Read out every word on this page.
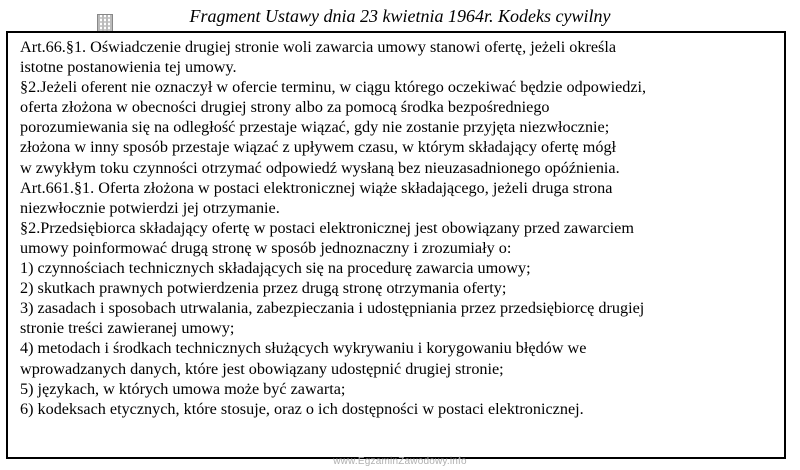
Fragment Ustawy dnia 23 kwietnia 1964r. Kodeks cywilny
Art.66.§1. Oświadczenie drugiej stronie woli zawarcia umowy stanowi ofertę, jeżeli określa
istotne postanowienia tej umowy.
§2.Jeżeli oferent nie oznaczył w ofercie terminu, w ciągu którego oczekiwać będzie odpowiedzi,
oferta złożona w obecności drugiej strony albo za pomocą środka bezpośredniego
porozumiewania się na odległość przestaje wiązać, gdy nie zostanie przyjęta niezwłocznie;
złożona w inny sposób przestaje wiązać z upływem czasu, w którym składający ofertę mógł
w zwykłym toku czynności otrzymać odpowiedź wysłaną bez nieuzasadnionego opóźnienia.
Art.661.§1. Oferta złożona w postaci elektronicznej wiąże składającego, jeżeli druga strona
niezwłocznie potwierdzi jej otrzymanie.
§2.Przedsiębiorca składający ofertę w postaci elektronicznej jest obowiązany przed zawarciem
umowy poinformować drugą stronę w sposób jednoznaczny i zrozumiały o:
1) czynnościach technicznych składających się na procedurę zawarcia umowy;
2) skutkach prawnych potwierdzenia przez drugą stronę otrzymania oferty;
3) zasadach i sposobach utrwalania, zabezpieczania i udostępniania przez przedsiębiorcę drugiej
stronie treści zawieranej umowy;
4) metodach i środkach technicznych służących wykrywaniu i korygowaniu błędów we
wprowadzanych danych, które jest obowiązany udostępnić drugiej stronie;
5) językach, w których umowa może być zawarta;
6) kodeksach etycznych, które stosuje, oraz o ich dostępności w postaci elektronicznej.
www.EgzaminZawodowy.info
